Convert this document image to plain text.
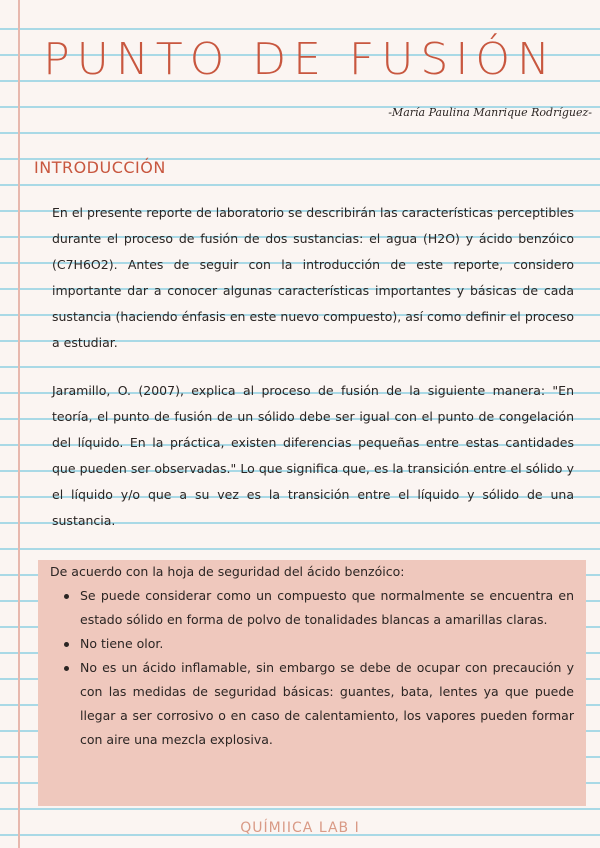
PUNTO DE FUSIÓN
-María Paulina Manrique Rodríguez-
INTRODUCCIÓN

En el presente reporte de laboratorio se describirán las características perceptibles durante el proceso de fusión de dos sustancias: el agua (H2O) y ácido benzóico (C7H6O2). Antes de seguir con la introducción de este reporte, considero importante dar a conocer algunas características importantes y básicas de cada sustancia (haciendo énfasis en este nuevo compuesto), así como definir el proceso a estudiar.

Jaramillo, O. (2007), explica al proceso de fusión de la siguiente manera: "En teoría, el punto de fusión de un sólido debe ser igual con el punto de congelación del líquido. En la práctica, existen diferencias pequeñas entre estas cantidades que pueden ser observadas." Lo que significa que, es la transición entre el sólido y el líquido y/o que a su vez es la transición entre el líquido y sólido de una sustancia.

De acuerdo con la hoja de seguridad del ácido benzóico:
Se puede considerar como un compuesto que normalmente se encuentra en estado sólido en forma de polvo de tonalidades blancas a amarillas claras.
No tiene olor.
No es un ácido inflamable, sin embargo se debe de ocupar con precaución y con las medidas de seguridad básicas: guantes, bata, lentes ya que puede llegar a ser corrosivo o en caso de calentamiento, los vapores pueden formar con aire una mezcla explosiva.
QUÍMIICA LAB I
